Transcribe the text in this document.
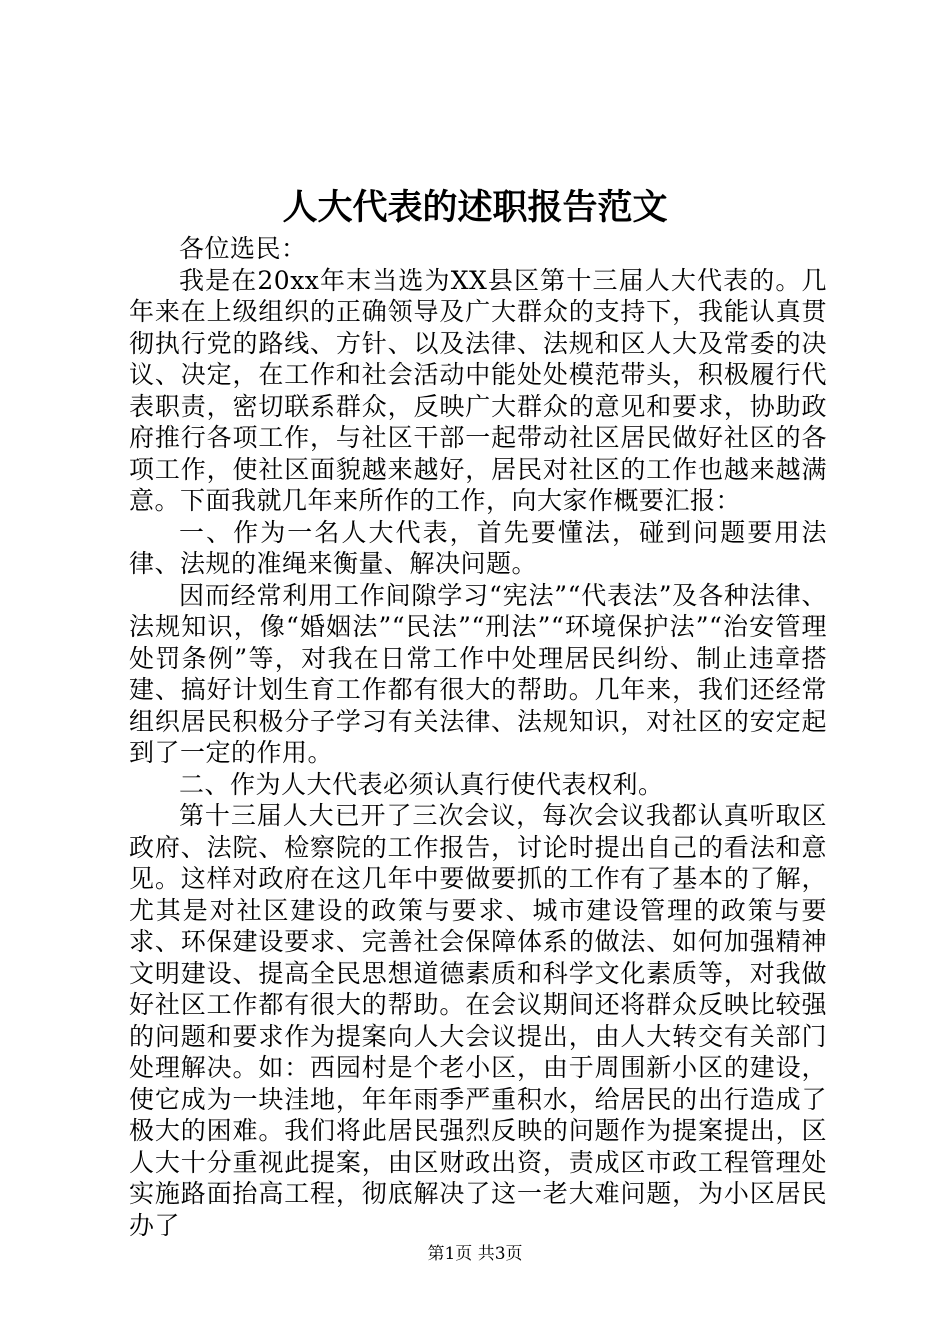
人大代表的述职报告范文

各位选民：

我是在20xx年末当选为XX县区第十三届人大代表的。几年来在上级组织的正确领导及广大群众的支持下，我能认真贯彻执行党的路线、方针、以及法律、法规和区人大及常委的决议、决定，在工作和社会活动中能处处模范带头，积极履行代表职责，密切联系群众，反映广大群众的意见和要求，协助政府推行各项工作，与社区干部一起带动社区居民做好社区的各项工作，使社区面貌越来越好，居民对社区的工作也越来越满意。下面我就几年来所作的工作，向大家作概要汇报：

一、作为一名人大代表，首先要懂法，碰到问题要用法律、法规的准绳来衡量、解决问题。

因而经常利用工作间隙学习“宪法”“代表法”及各种法律、法规知识，像“婚姻法”“民法”“刑法”“环境保护法”“治安管理处罚条例”等，对我在日常工作中处理居民纠纷、制止违章搭建、搞好计划生育工作都有很大的帮助。几年来，我们还经常组织居民积极分子学习有关法律、法规知识，对社区的安定起到了一定的作用。

二、作为人大代表必须认真行使代表权利。

第十三届人大已开了三次会议，每次会议我都认真听取区政府、法院、检察院的工作报告，讨论时提出自己的看法和意见。这样对政府在这几年中要做要抓的工作有了基本的了解，尤其是对社区建设的政策与要求、城市建设管理的政策与要求、环保建设要求、完善社会保障体系的做法、如何加强精神文明建设、提高全民思想道德素质和科学文化素质等，对我做好社区工作都有很大的帮助。在会议期间还将群众反映比较强的问题和要求作为提案向人大会议提出，由人大转交有关部门处理解决。如：西园村是个老小区，由于周围新小区的建设，使它成为一块洼地，年年雨季严重积水，给居民的出行造成了极大的困难。我们将此居民强烈反映的问题作为提案提出，区人大十分重视此提案，由区财政出资，责成区市政工程管理处实施路面抬高工程，彻底解决了这一老大难问题，为小区居民办了

第1页 共3页
